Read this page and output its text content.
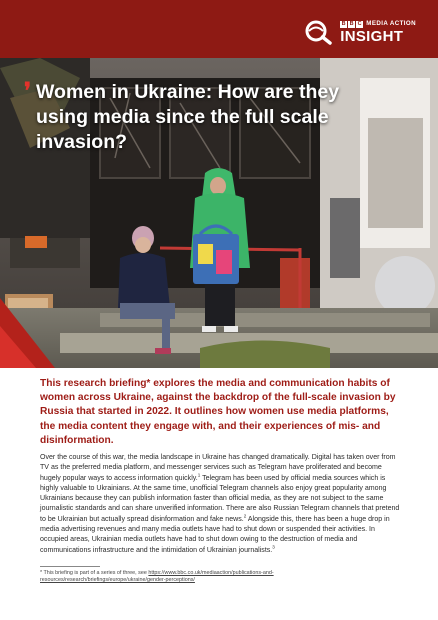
B B C MEDIA ACTION
INSIGHT
❜ Women in Ukraine: How are they using media since the full scale invasion?

This research briefing* explores the media and communication habits of women across Ukraine, against the backdrop of the full-scale invasion by Russia that started in 2022. It outlines how women use media platforms, the media content they engage with, and their experiences of mis- and disinformation.

Over the course of this war, the media landscape in Ukraine has changed dramatically. Digital has taken over from TV as the preferred media platform, and messenger services such as Telegram have proliferated and become hugely popular ways to access information quickly.$^1$ Telegram has been used by official media sources which is highly valuable to Ukrainians. At the same time, unofficial Telegram channels also enjoy great popularity among Ukrainians because they can publish information faster than official media, as they are not subject to the same journalistic standards and can share unverified information. There are also Russian Telegram channels that pretend to be Ukrainian but actually spread disinformation and fake news.$^2$ Alongside this, there has been a huge drop in media advertising revenues and many media outlets have had to shut down or suspended their activities. In occupied areas, Ukrainian media outlets have had to shut down owing to the destruction of media and communications infrastructure and the intimidation of Ukrainian journalists.$^3$

* This briefing is part of a series of three, see https://www.bbc.co.uk/mediaaction/publications-and-resources/research/briefings/europe/ukraine/gender-perceptions/
